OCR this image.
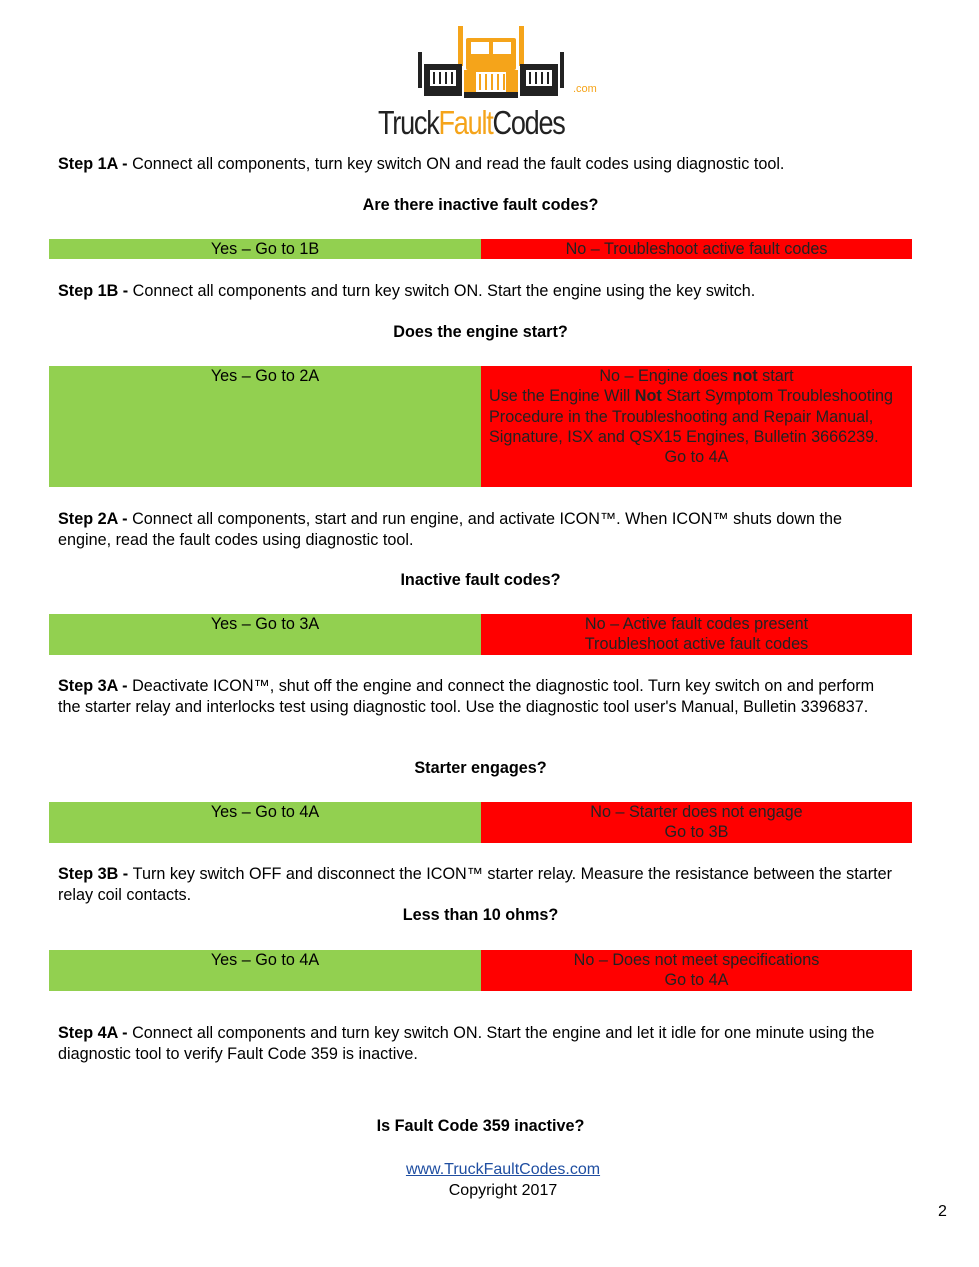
TruckFaultCodes
.com
Step 1A - Connect all components, turn key switch ON and read the fault codes using diagnostic tool.
Are there inactive fault codes?
Yes – Go to 1B	No – Troubleshoot active fault codes
Step 1B - Connect all components and turn key switch ON. Start the engine using the key switch.
Does the engine start?
Yes – Go to 2A	No – Engine does not start
Use the Engine Will Not Start Symptom Troubleshooting Procedure in the Troubleshooting and Repair Manual, Signature, ISX and QSX15 Engines, Bulletin 3666239.
Go to 4A
Step 2A - Connect all components, start and run engine, and activate ICON™. When ICON™ shuts down the engine, read the fault codes using diagnostic tool.
Inactive fault codes?
Yes – Go to 3A	No – Active fault codes present
Troubleshoot active fault codes
Step 3A - Deactivate ICON™, shut off the engine and connect the diagnostic tool. Turn key switch on and perform the starter relay and interlocks test using diagnostic tool. Use the diagnostic tool user's Manual, Bulletin 3396837.
Starter engages?
Yes – Go to 4A	No – Starter does not engage
Go to 3B
Step 3B - Turn key switch OFF and disconnect the ICON™ starter relay. Measure the resistance between the starter relay coil contacts.
Less than 10 ohms?
Yes – Go to 4A	No – Does not meet specifications
Go to 4A
Step 4A - Connect all components and turn key switch ON. Start the engine and let it idle for one minute using the diagnostic tool to verify Fault Code 359 is inactive.
Is Fault Code 359 inactive?
www.TruckFaultCodes.com
Copyright 2017
2
